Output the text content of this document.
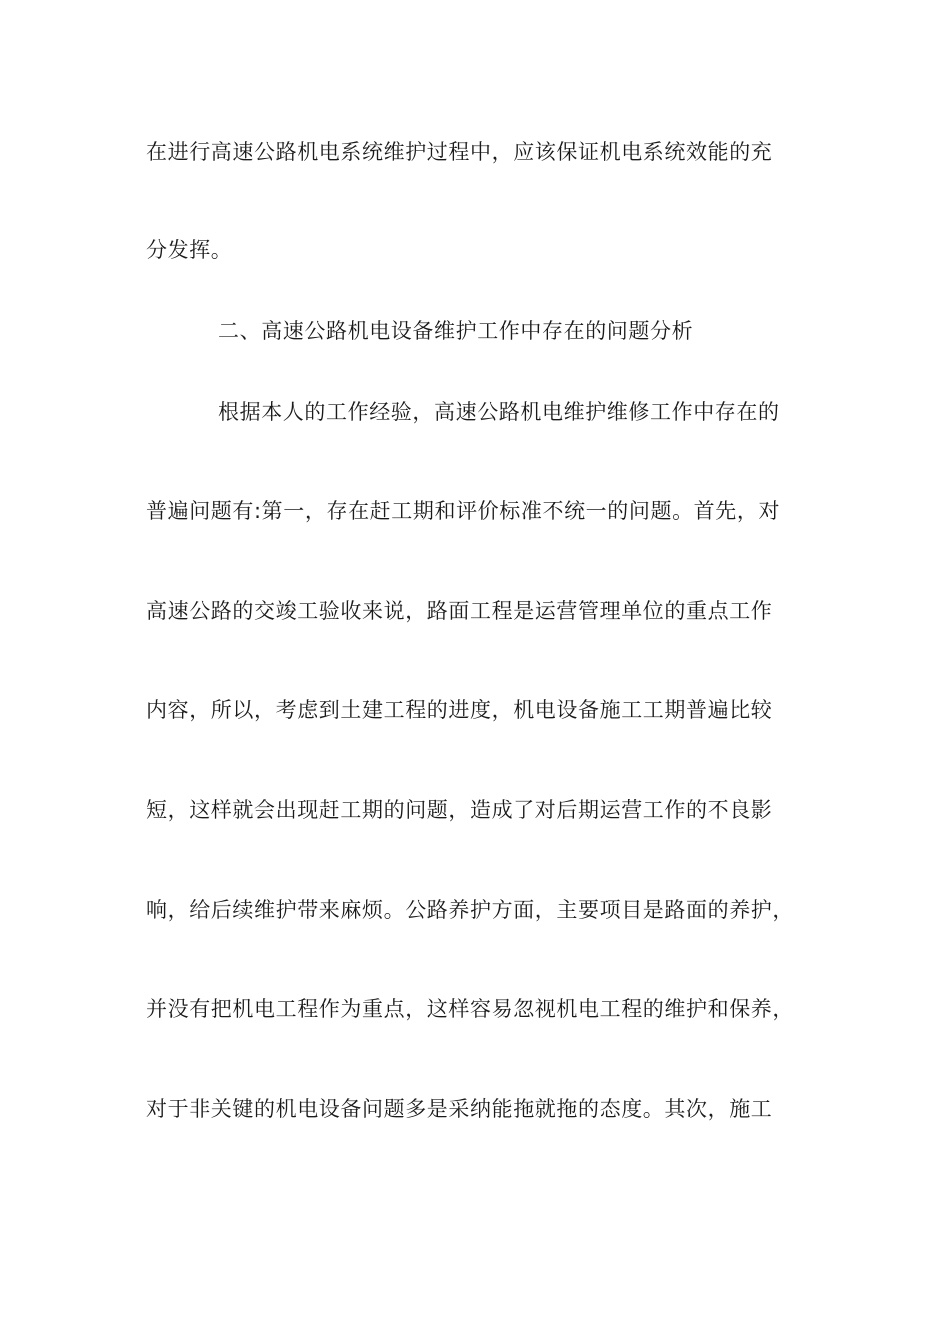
在进行高速公路机电系统维护过程中，应该保证机电系统效能的充
分发挥。
二、高速公路机电设备维护工作中存在的问题分析
根据本人的工作经验，高速公路机电维护维修工作中存在的
普遍问题有:第一，存在赶工期和评价标准不统一的问题。首先，对
高速公路的交竣工验收来说，路面工程是运营管理单位的重点工作
内容，所以，考虑到土建工程的进度，机电设备施工工期普遍比较
短，这样就会出现赶工期的问题，造成了对后期运营工作的不良影
响，给后续维护带来麻烦。公路养护方面，主要项目是路面的养护，
并没有把机电工程作为重点，这样容易忽视机电工程的维护和保养，
对于非关键的机电设备问题多是采纳能拖就拖的态度。其次，施工
